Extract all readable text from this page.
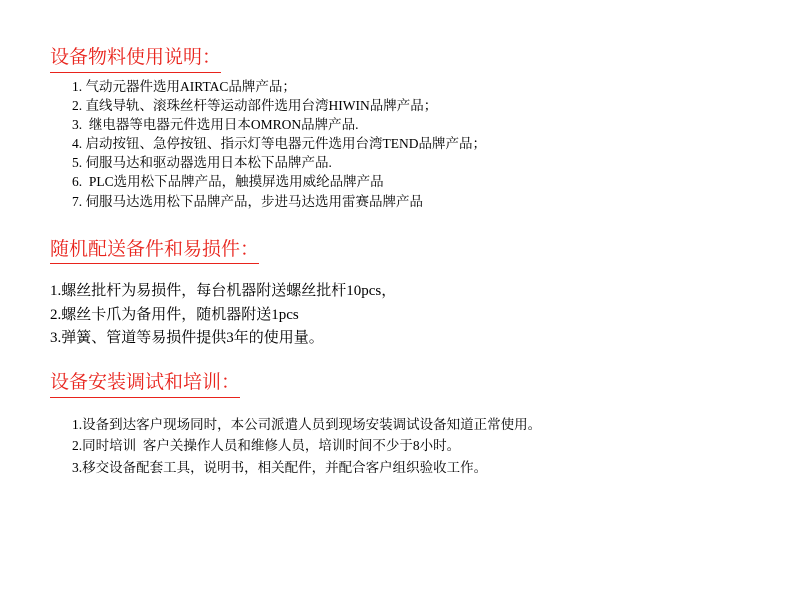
设备物料使用说明：
1. 气动元器件选用AIRTAC品牌产品；
2. 直线导轨、滚珠丝杆等运动部件选用台湾HIWIN品牌产品；
3.  继电器等电器元件选用日本OMRON品牌产品.
4. 启动按钮、急停按钮、指示灯等电器元件选用台湾TEND品牌产品；
5. 伺服马达和驱动器选用日本松下品牌产品.
6.  PLC选用松下品牌产品，触摸屏选用威纶品牌产品
7. 伺服马达选用松下品牌产品，步进马达选用雷赛品牌产品
随机配送备件和易损件：
1.螺丝批杆为易损件，每台机器附送螺丝批杆10pcs，
2.螺丝卡爪为备用件，随机器附送1pcs
3.弹簧、管道等易损件提供3年的使用量。
设备安装调试和培训：
1.设备到达客户现场同时，本公司派遣人员到现场安装调试设备知道正常使用。
2.同时培训  客户关操作人员和维修人员，培训时间不少于8小时。
3.移交设备配套工具，说明书，相关配件，并配合客户组织验收工作。
